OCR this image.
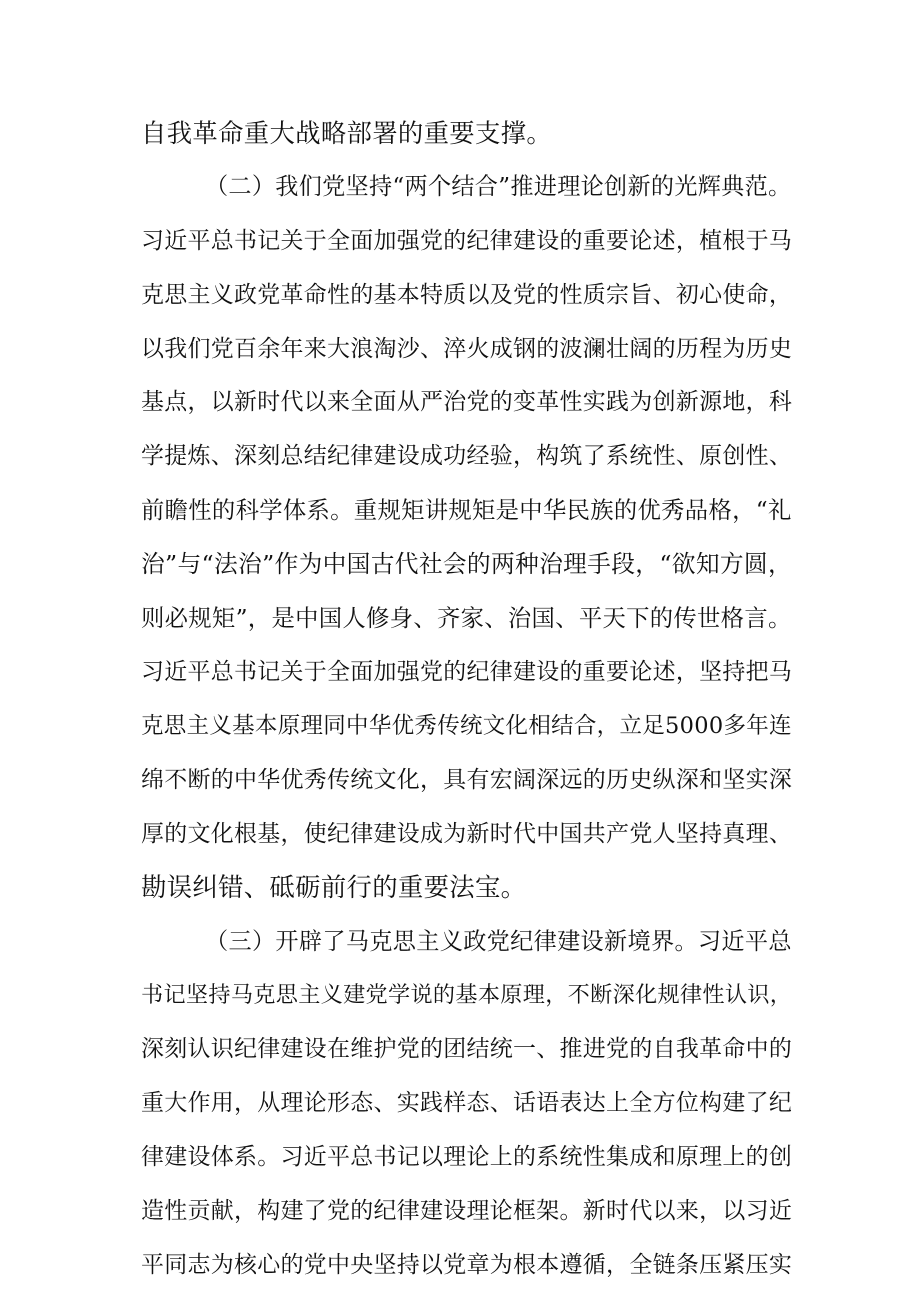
自我革命重大战略部署的重要支撑。
（二）我们党坚持“两个结合”推进理论创新的光辉典范。
习近平总书记关于全面加强党的纪律建设的重要论述，植根于马
克思主义政党革命性的基本特质以及党的性质宗旨、初心使命，
以我们党百余年来大浪淘沙、淬火成钢的波澜壮阔的历程为历史
基点，以新时代以来全面从严治党的变革性实践为创新源地，科
学提炼、深刻总结纪律建设成功经验，构筑了系统性、原创性、
前瞻性的科学体系。重规矩讲规矩是中华民族的优秀品格，“礼
治”与“法治”作为中国古代社会的两种治理手段，“欲知方圆，
则必规矩”，是中国人修身、齐家、治国、平天下的传世格言。
习近平总书记关于全面加强党的纪律建设的重要论述，坚持把马
克思主义基本原理同中华优秀传统文化相结合，立足5000多年连
绵不断的中华优秀传统文化，具有宏阔深远的历史纵深和坚实深
厚的文化根基，使纪律建设成为新时代中国共产党人坚持真理、
勘误纠错、砥砺前行的重要法宝。
（三）开辟了马克思主义政党纪律建设新境界。习近平总
书记坚持马克思主义建党学说的基本原理，不断深化规律性认识，
深刻认识纪律建设在维护党的团结统一、推进党的自我革命中的
重大作用，从理论形态、实践样态、话语表达上全方位构建了纪
律建设体系。习近平总书记以理论上的系统性集成和原理上的创
造性贡献，构建了党的纪律建设理论框架。新时代以来，以习近
平同志为核心的党中央坚持以党章为根本遵循，全链条压紧压实
